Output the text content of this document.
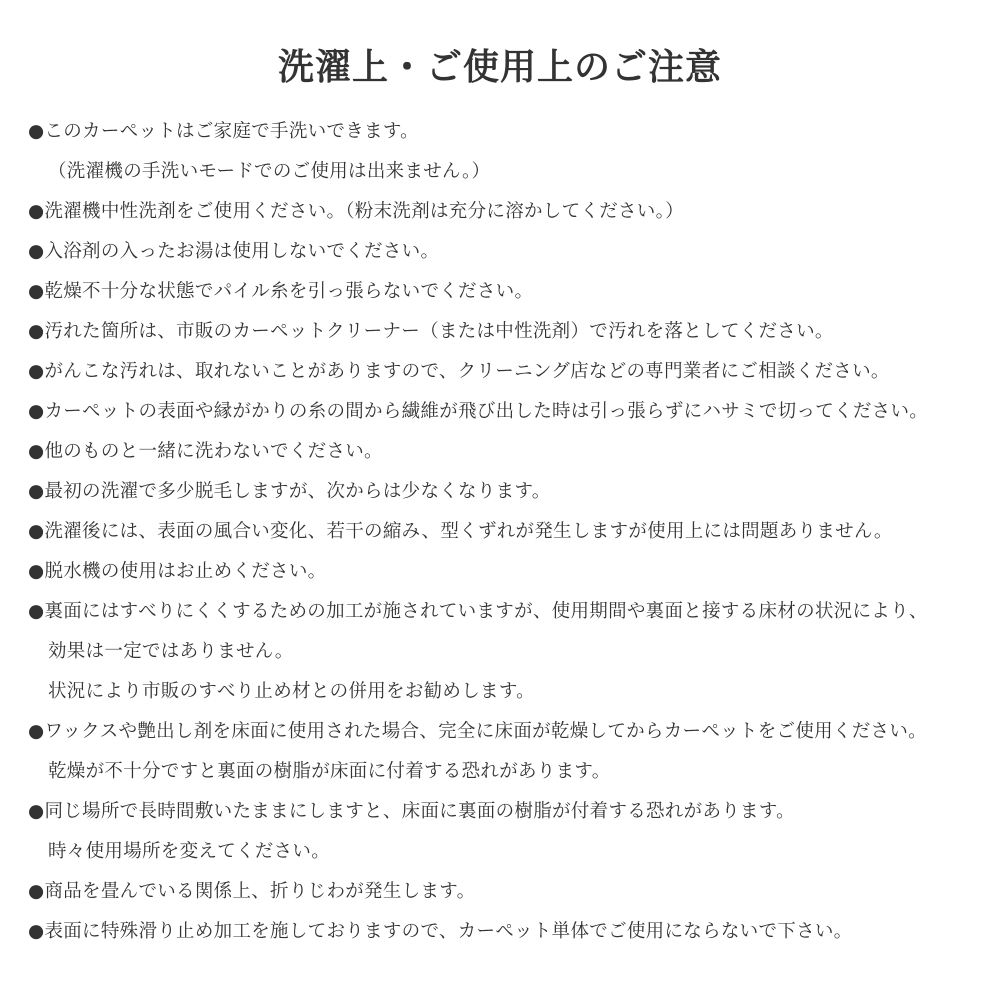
洗濯上・ご使用上のご注意
●このカーペットはご家庭で手洗いできます。
（洗濯機の手洗いモードでのご使用は出来ません。）
●洗濯機中性洗剤をご使用ください。（粉末洗剤は充分に溶かしてください。）
●入浴剤の入ったお湯は使用しないでください。
●乾燥不十分な状態でパイル糸を引っ張らないでください。
●汚れた箇所は、市販のカーペットクリーナー（または中性洗剤）で汚れを落としてください。
●がんこな汚れは、取れないことがありますので、クリーニング店などの専門業者にご相談ください。
●カーペットの表面や縁がかりの糸の間から繊維が飛び出した時は引っ張らずにハサミで切ってください。
●他のものと一緒に洗わないでください。
●最初の洗濯で多少脱毛しますが、次からは少なくなります。
●洗濯後には、表面の風合い変化、若干の縮み、型くずれが発生しますが使用上には問題ありません。
●脱水機の使用はお止めください。
●裏面にはすべりにくくするための加工が施されていますが、使用期間や裏面と接する床材の状況により、
効果は一定ではありません。
状況により市販のすべり止め材との併用をお勧めします。
●ワックスや艶出し剤を床面に使用された場合、完全に床面が乾燥してからカーペットをご使用ください。
乾燥が不十分ですと裏面の樹脂が床面に付着する恐れがあります。
●同じ場所で長時間敷いたままにしますと、床面に裏面の樹脂が付着する恐れがあります。
時々使用場所を変えてください。
●商品を畳んでいる関係上、折りじわが発生します。
●表面に特殊滑り止め加工を施しておりますので、カーペット単体でご使用にならないで下さい。
